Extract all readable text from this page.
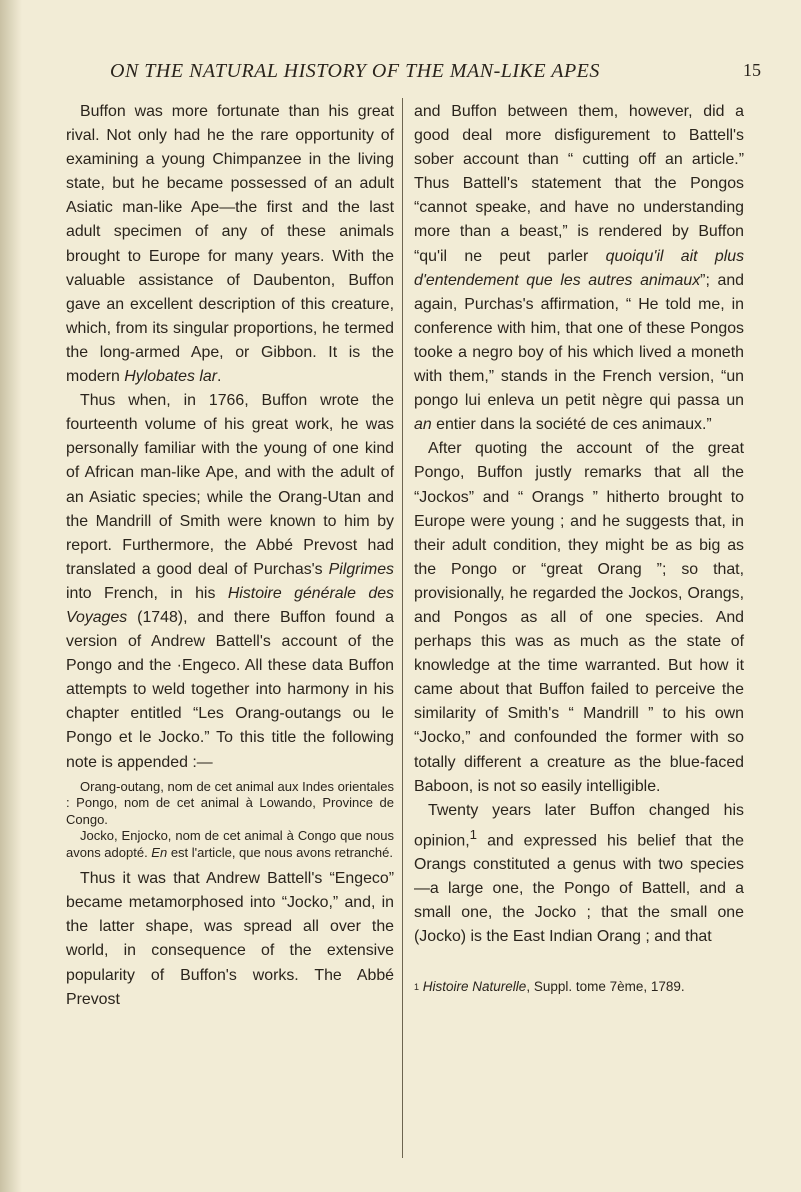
ON THE NATURAL HISTORY OF THE MAN-LIKE APES	15

Buffon was more fortunate than his great rival. Not only had he the rare opportunity of examining a young Chimpanzee in the living state, but he became possessed of an adult Asiatic man-like Ape—the first and the last adult specimen of any of these animals brought to Europe for many years. With the valuable assistance of Daubenton, Buffon gave an excellent description of this creature, which, from its singular proportions, he termed the long-armed Ape, or Gibbon. It is the modern Hylobates lar.

Thus when, in 1766, Buffon wrote the fourteenth volume of his great work, he was personally familiar with the young of one kind of African man-like Ape, and with the adult of an Asiatic species; while the Orang-Utan and the Mandrill of Smith were known to him by report. Furthermore, the Abbé Prevost had translated a good deal of Purchas's Pilgrimes into French, in his Histoire générale des Voyages (1748), and there Buffon found a version of Andrew Battell's account of the Pongo and the ·Engeco. All these data Buffon attempts to weld together into harmony in his chapter entitled “Les Orang-outangs ou le Pongo et le Jocko.” To this title the following note is appended :—

Orang-outang, nom de cet animal aux Indes orientales : Pongo, nom de cet animal à Lowando, Province de Congo.
Jocko, Enjocko, nom de cet animal à Congo que nous avons adopté. En est l'article, que nous avons retranché.

Thus it was that Andrew Battell's “Engeco” became metamorphosed into “Jocko,” and, in the latter shape, was spread all over the world, in consequence of the extensive popularity of Buffon's works. The Abbé Prevost

and Buffon between them, however, did a good deal more disfigurement to Battell's sober account than “ cutting off an article.” Thus Battell's statement that the Pongos “cannot speake, and have no understanding more than a beast,” is rendered by Buffon “qu'il ne peut parler quoiqu'il ait plus d'entendement que les autres animaux”; and again, Purchas's affirmation, “ He told me, in conference with him, that one of these Pongos tooke a negro boy of his which lived a moneth with them,” stands in the French version, “un pongo lui enleva un petit nègre qui passa un an entier dans la société de ces animaux.”

After quoting the account of the great Pongo, Buffon justly remarks that all the “Jockos” and “ Orangs ” hitherto brought to Europe were young ; and he suggests that, in their adult condition, they might be as big as the Pongo or “great Orang ”; so that, provisionally, he regarded the Jockos, Orangs, and Pongos as all of one species. And perhaps this was as much as the state of knowledge at the time warranted. But how it came about that Buffon failed to perceive the similarity of Smith's “ Mandrill ” to his own “Jocko,” and confounded the former with so totally different a creature as the blue-faced Baboon, is not so easily intelligible.

Twenty years later Buffon changed his opinion,$^1$ and expressed his belief that the Orangs constituted a genus with two species—a large one, the Pongo of Battell, and a small one, the Jocko ; that the small one (Jocko) is the East Indian Orang ; and that

$^1$ Histoire Naturelle, Suppl. tome 7ème, 1789.
